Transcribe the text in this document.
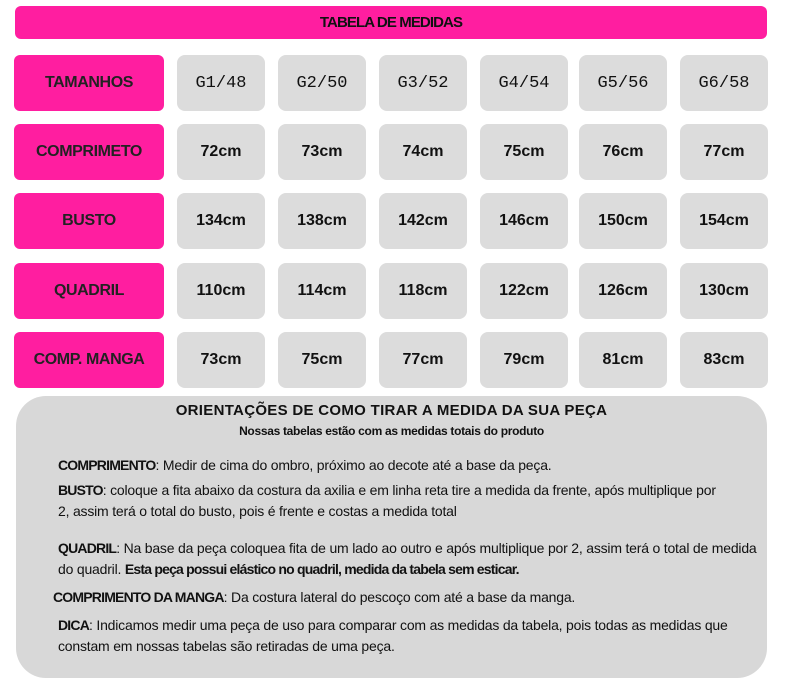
TABELA DE MEDIDAS
TAMANHOS	G1/48	G2/50	G3/52	G4/54	G5/56	G6/58
COMPRIMETO	72cm	73cm	74cm	75cm	76cm	77cm
BUSTO	134cm	138cm	142cm	146cm	150cm	154cm
QUADRIL	110cm	114cm	118cm	122cm	126cm	130cm
COMP. MANGA	73cm	75cm	77cm	79cm	81cm	83cm
ORIENTAÇÕES DE COMO TIRAR A MEDIDA DA SUA PEÇA
Nossas tabelas estão com as medidas totais do produto
COMPRIMENTO: Medir de cima do ombro, próximo ao decote até a base da peça.
BUSTO: coloque a fita abaixo da costura da axilia e em linha reta tire a medida da frente, após multiplique por 2, assim terá o total do busto, pois é frente e costas a medida total
QUADRIL: Na base da peça coloquea fita de um lado ao outro e após multiplique por 2, assim terá o total de medida do quadril. Esta peça possui elástico no quadril, medida da tabela sem esticar.
COMPRIMENTO DA MANGA: Da costura lateral do pescoço com até a base da manga.
DICA: Indicamos medir uma peça de uso para comparar com as medidas da tabela, pois todas as medidas que constam em nossas tabelas são retiradas de uma peça.
